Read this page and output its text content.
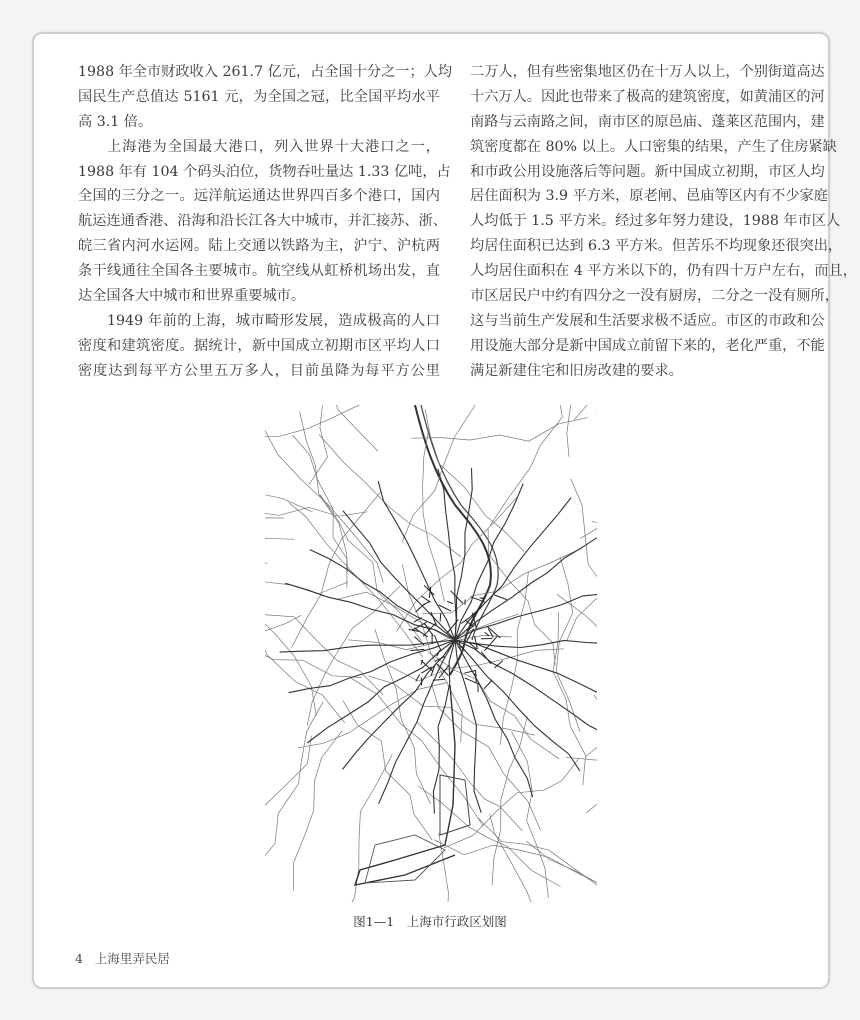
1988 年全市财政收入 261.7 亿元，占全国十分之一；人均
国民生产总值达 5161 元，为全国之冠，比全国平均水平
高 3.1 倍。
上海港为全国最大港口，列入世界十大港口之一，
1988 年有 104 个码头泊位，货物吞吐量达 1.33 亿吨，占
全国的三分之一。远洋航运通达世界四百多个港口，国内
航运连通香港、沿海和沿长江各大中城市，并汇接苏、浙、
皖三省内河水运网。陆上交通以铁路为主，沪宁、沪杭两
条干线通往全国各主要城市。航空线从虹桥机场出发，直
达全国各大中城市和世界重要城市。
1949 年前的上海，城市畸形发展，造成极高的人口
密度和建筑密度。据统计，新中国成立初期市区平均人口
密度达到每平方公里五万多人，目前虽降为每平方公里
二万人，但有些密集地区仍在十万人以上，个别街道高达
十六万人。因此也带来了极高的建筑密度，如黄浦区的河
南路与云南路之间，南市区的原邑庙、蓬莱区范围内，建
筑密度都在 80% 以上。人口密集的结果，产生了住房紧缺
和市政公用设施落后等问题。新中国成立初期，市区人均
居住面积为 3.9 平方米，原老闸、邑庙等区内有不少家庭
人均低于 1.5 平方米。经过多年努力建设，1988 年市区人
均居住面积已达到 6.3 平方米。但苦乐不均现象还很突出，
人均居住面积在 4 平方米以下的，仍有四十万户左右，而且，
市区居民户中约有四分之一没有厨房，二分之一没有厕所，
这与当前生产发展和生活要求极不适应。市区的市政和公
用设施大部分是新中国成立前留下来的，老化严重，不能
满足新建住宅和旧房改建的要求。
图1—1　上海市行政区划图
4 上海里弄民居
